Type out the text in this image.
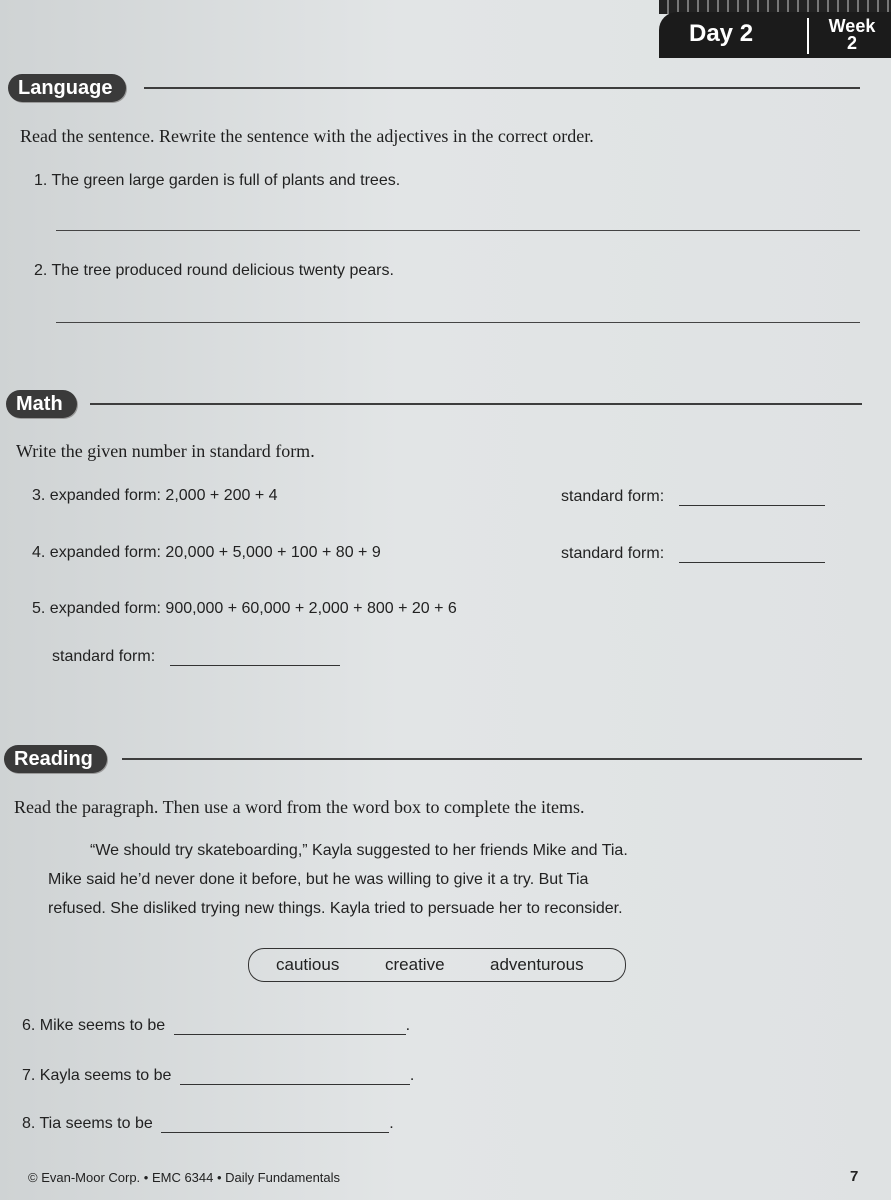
Day 2	Week
2
Language
Read the sentence. Rewrite the sentence with the adjectives in the correct order.
1. The green large garden is full of plants and trees.
2. The tree produced round delicious twenty pears.
Math
Write the given number in standard form.
3. expanded form: 2,000 + 200 + 4	standard form:
4. expanded form: 20,000 + 5,000 + 100 + 80 + 9	standard form:
5. expanded form: 900,000 + 60,000 + 2,000 + 800 + 20 + 6
standard form:
Reading
Read the paragraph. Then use a word from the word box to complete the items.
“We should try skateboarding,” Kayla suggested to her friends Mike and Tia.
Mike said he’d never done it before, but he was willing to give it a try. But Tia
refused. She disliked trying new things. Kayla tried to persuade her to reconsider.
cautious	creative	adventurous
6. Mike seems to be	.
7. Kayla seems to be	.
8. Tia seems to be	.
© Evan-Moor Corp. • EMC 6344 • Daily Fundamentals	7
